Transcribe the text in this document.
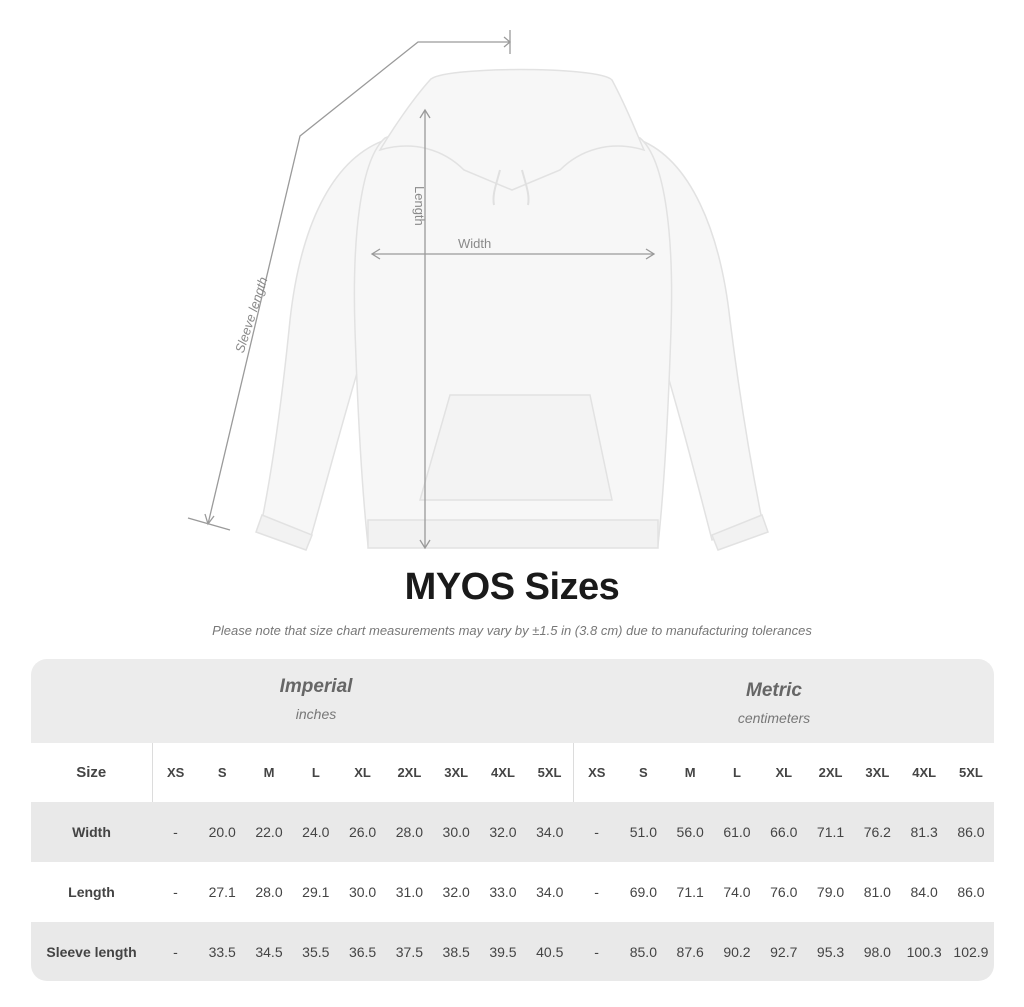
Width
Length
Sleeve length
MYOS Sizes
Please note that size chart measurements may vary by ±1.5 in (3.8 cm) due to manufacturing tolerances
Imperial
inches
Metric
centimeters
Size	XS	S	M	L	XL	2XL	3XL	4XL	5XL	XS	S	M	L	XL	2XL	3XL	4XL	5XL
Width	-	20.0	22.0	24.0	26.0	28.0	30.0	32.0	34.0	-	51.0	56.0	61.0	66.0	71.1	76.2	81.3	86.0
Length	-	27.1	28.0	29.1	30.0	31.0	32.0	33.0	34.0	-	69.0	71.1	74.0	76.0	79.0	81.0	84.0	86.0
Sleeve length	-	33.5	34.5	35.5	36.5	37.5	38.5	39.5	40.5	-	85.0	87.6	90.2	92.7	95.3	98.0	100.3	102.9
